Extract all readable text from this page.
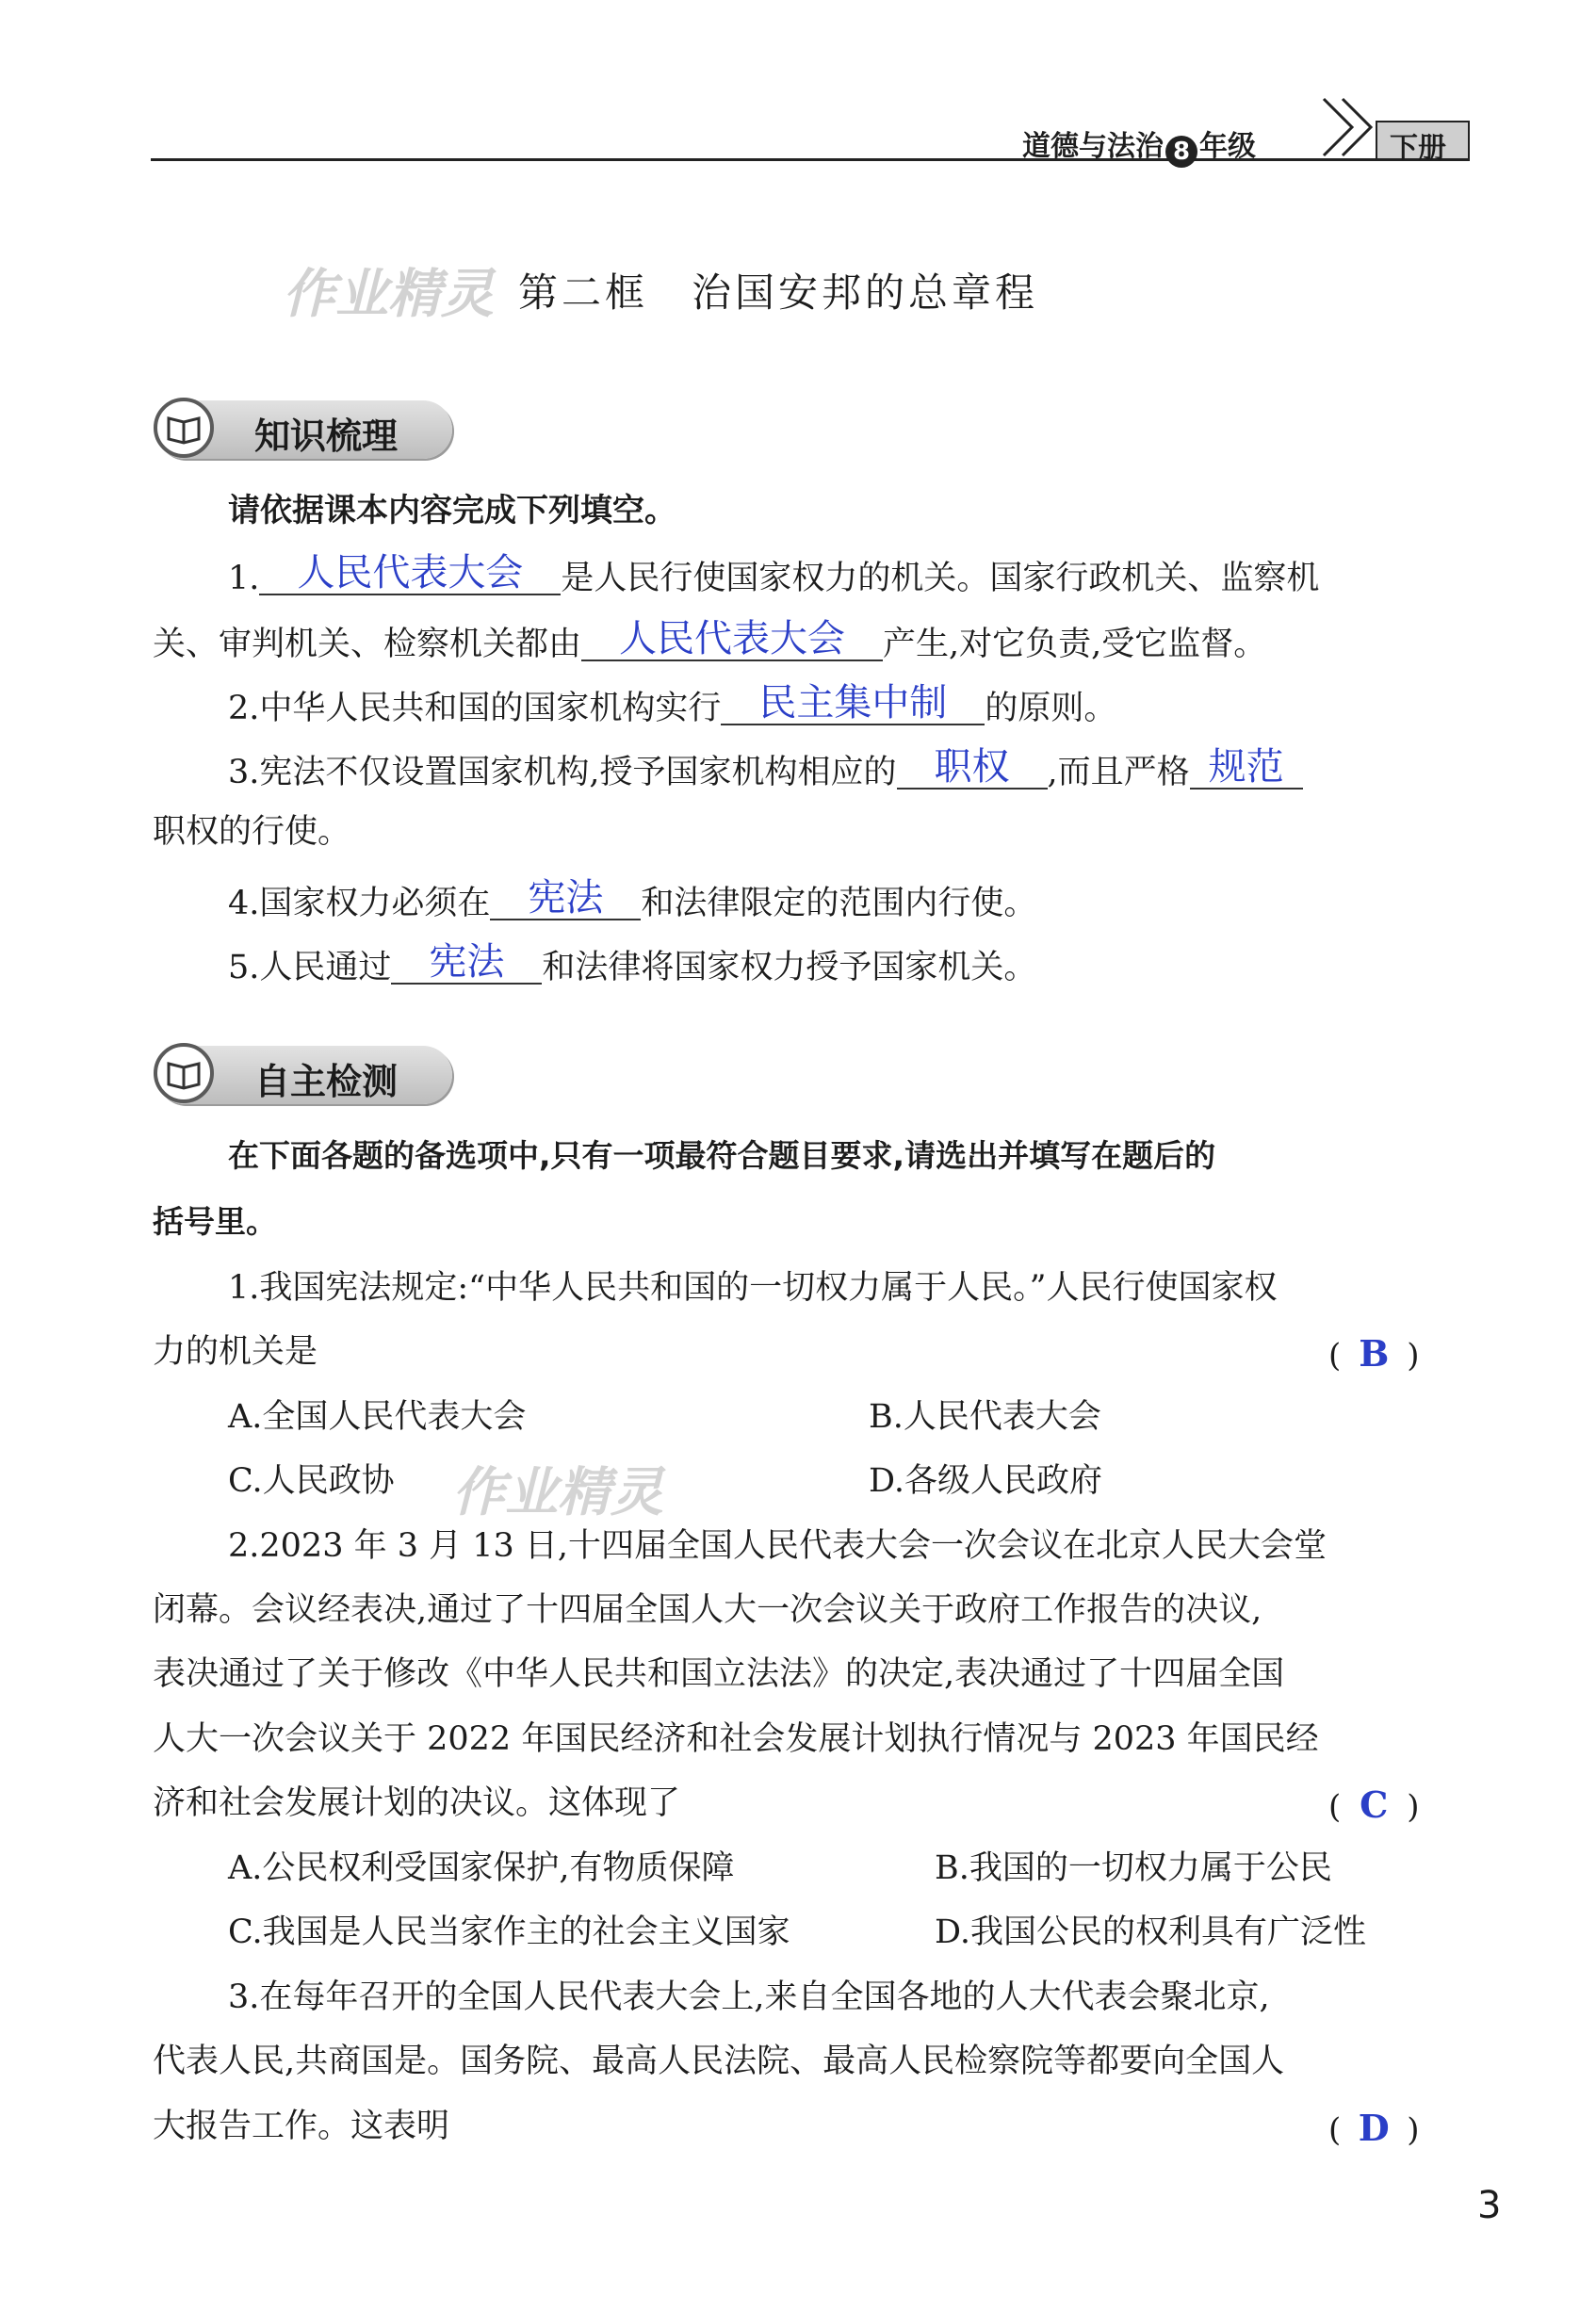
道德与法治 8 年级	下册
作业精灵 第二框　治国安邦的总章程
知识梳理
请依据课本内容完成下列填空。
1.	人民代表大会	是人民行使国家权力的机关。国家行政机关、监察机
关、审判机关、检察机关都由	人民代表大会	产生,对它负责,受它监督。
2.中华人民共和国的国家机构实行	民主集中制	的原则。
3.宪法不仅设置国家机构,授予国家机构相应的	职权	,而且严格 规范
职权的行使。
4.国家权力必须在	宪法	和法律限定的范围内行使。
5.人民通过	宪法	和法律将国家权力授予国家机关。
自主检测
在下面各题的备选项中,只有一项最符合题目要求,请选出并填写在题后的
括号里。
1.我国宪法规定:“中华人民共和国的一切权力属于人民。”人民行使国家权
力的机关是	( B )
A.全国人民代表大会	B.人民代表大会
C.人民政协 作业精灵	D.各级人民政府
2.2023 年 3 月 13 日,十四届全国人民代表大会一次会议在北京人民大会堂
闭幕。会议经表决,通过了十四届全国人大一次会议关于政府工作报告的决议,
表决通过了关于修改《中华人民共和国立法法》的决定,表决通过了十四届全国
人大一次会议关于 2022 年国民经济和社会发展计划执行情况与 2023 年国民经
济和社会发展计划的决议。这体现了	( C )
A.公民权利受国家保护,有物质保障	B.我国的一切权力属于公民
C.我国是人民当家作主的社会主义国家	D.我国公民的权利具有广泛性
3.在每年召开的全国人民代表大会上,来自全国各地的人大代表会聚北京,
代表人民,共商国是。国务院、最高人民法院、最高人民检察院等都要向全国人
大报告工作。这表明	( D )
3
